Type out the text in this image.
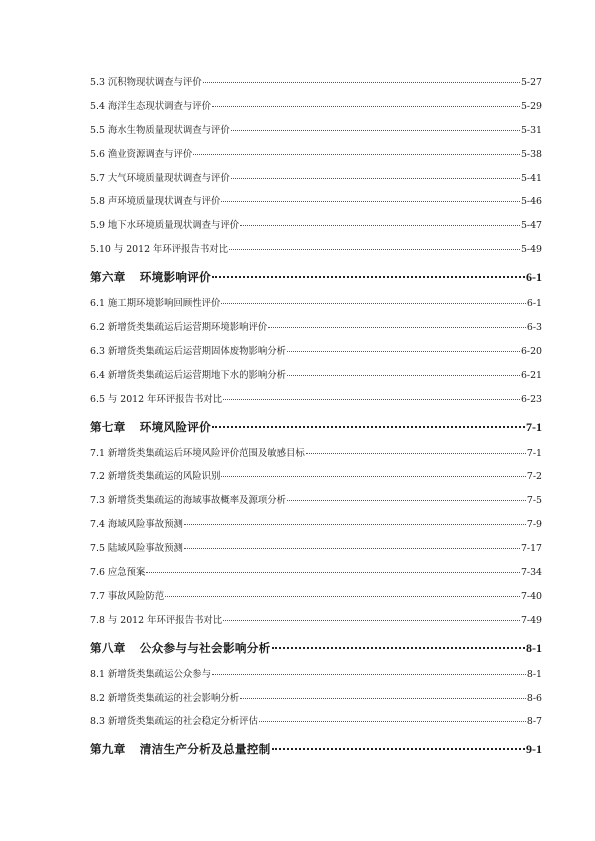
5.3 沉积物现状调查与评价	5-27
5.4 海洋生态现状调查与评价	5-29
5.5 海水生物质量现状调查与评价	5-31
5.6 渔业资源调查与评价	5-38
5.7 大气环境质量现状调查与评价	5-41
5.8 声环境质量现状调查与评价	5-46
5.9 地下水环境质量现状调查与评价	5-47
5.10 与 2012 年环评报告书对比	5-49
第六章 环境影响评价	6-1
6.1 施工期环境影响回顾性评价	6-1
6.2 新增货类集疏运后运营期环境影响评价	6-3
6.3 新增货类集疏运后运营期固体废物影响分析	6-20
6.4 新增货类集疏运后运营期地下水的影响分析	6-21
6.5 与 2012 年环评报告书对比	6-23
第七章 环境风险评价	7-1
7.1 新增货类集疏运后环境风险评价范围及敏感目标	7-1
7.2 新增货类集疏运的风险识别	7-2
7.3 新增货类集疏运的海域事故概率及源项分析	7-5
7.4 海域风险事故预测	7-9
7.5 陆域风险事故预测	7-17
7.6 应急预案	7-34
7.7 事故风险防范	7-40
7.8 与 2012 年环评报告书对比	7-49
第八章 公众参与与社会影响分析	8-1
8.1 新增货类集疏运公众参与	8-1
8.2 新增货类集疏运的社会影响分析	8-6
8.3 新增货类集疏运的社会稳定分析评估	8-7
第九章 清洁生产分析及总量控制	9-1
